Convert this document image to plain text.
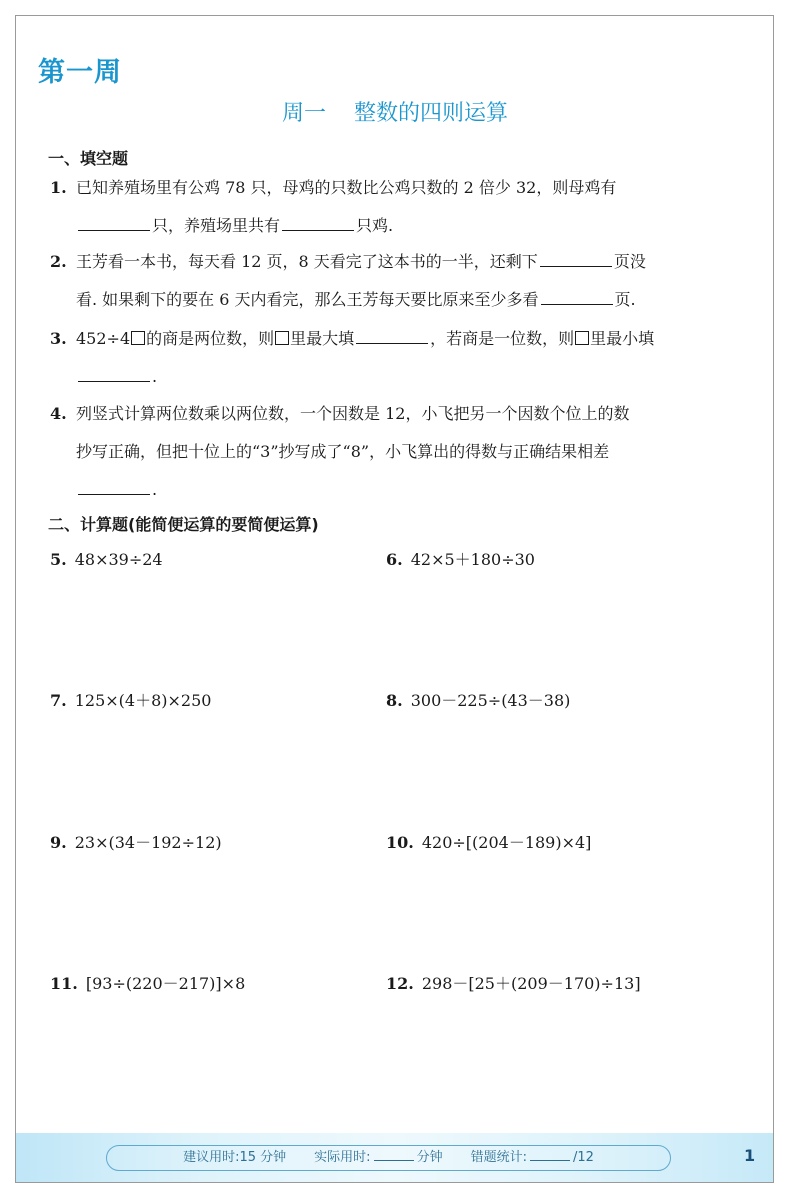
第一周
周一 整数的四则运算
一、填空题
1. 已知养殖场里有公鸡 78 只，母鸡的只数比公鸡只数的 2 倍少 32，则母鸡有
只，养殖场里共有	只鸡.
2. 王芳看一本书，每天看 12 页，8 天看完了这本书的一半，还剩下	页没
看. 如果剩下的要在 6 天内看完，那么王芳每天要比原来至少多看	页.
3. 452÷4 的商是两位数，则 里最大填	，若商是一位数，则 里最小填
.
4. 列竖式计算两位数乘以两位数，一个因数是 12，小飞把另一个因数个位上的数
抄写正确，但把十位上的“3”抄写成了“8”，小飞算出的得数与正确结果相差
.
二、计算题(能简便运算的要简便运算)
5. 48×39÷24	6. 42×5＋180÷30
7. 125×(4＋8)×250	8. 300－225÷(43－38)
9. 23×(34－192÷12)	10. 420÷[(204－189)×4]
11. [93÷(220－217)]×8	12. 298－[25＋(209－170)÷13]
建议用时:15 分钟 实际用时:	分钟 错题统计:	/12	1
